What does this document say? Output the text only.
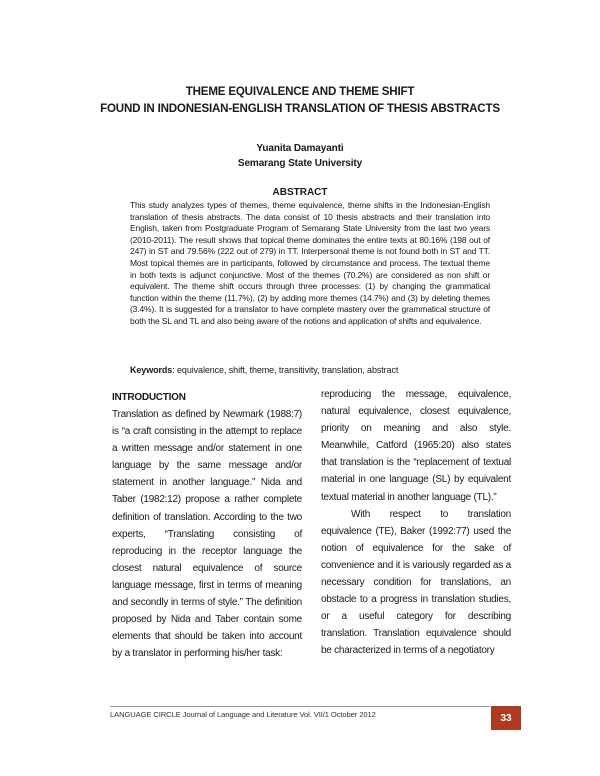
THEME EQUIVALENCE AND THEME SHIFT
FOUND IN INDONESIAN-ENGLISH TRANSLATION OF THESIS ABSTRACTS
Yuanita Damayanti
Semarang State University
ABSTRACT

This study analyzes types of themes, theme equivalence, theme shifts in the Indonesian-English translation of thesis abstracts. The data consist of 10 thesis abstracts and their translation into English, taken from Postgraduate Program of Semarang State University from the last two years (2010-2011). The result shows that topical theme dominates the entire texts at 80.16% (198 out of 247) in ST and 79.56% (222 out of 279) in TT. Interpersonal theme is not found both in ST and TT. Most topical themes are in participants, followed by circumstance and process. The textual theme in both texts is adjunct conjunctive. Most of the themes (70.2%) are considered as non shift or equivalent. The theme shift occurs through three processes: (1) by changing the grammatical function within the theme (11.7%), (2) by adding more themes (14.7%) and (3) by deleting themes (3.4%). It is suggested for a translator to have complete mastery over the grammatical structure of both the SL and TL and also being aware of the notions and application of shifts and equivalence.

Keywords: equivalence, shift, theme, transitivity, translation, abstract
INTRODUCTION

Translation as defined by Newmark (1988:7) is “a craft consisting in the attempt to replace a written message and/or statement in one language by the same message and/or statement in another language.” Nida and Taber (1982:12) propose a rather complete definition of translation. According to the two experts, “Translating consisting of reproducing in the receptor language the closest natural equivalence of source language message, first in terms of meaning and secondly in terms of style.” The definition proposed by Nida and Taber contain some elements that should be taken into account by a translator in performing his/her task:

reproducing the message, equivalence, natural equivalence, closest equivalence, priority on meaning and also style. Meanwhile, Catford (1965:20) also states that translation is the “replacement of textual material in one language (SL) by equivalent textual material in another language (TL).”

With respect to translation equivalence (TE), Baker (1992:77) used the notion of equivalence for the sake of convenience and it is variously regarded as a necessary condition for translations, an obstacle to a progress in translation studies, or a useful category for describing translation. Translation equivalence should be characterized in terms of a negotiatory

LANGUAGE CIRCLE Journal of Language and Literature Vol. VII/1 October 2012	33
